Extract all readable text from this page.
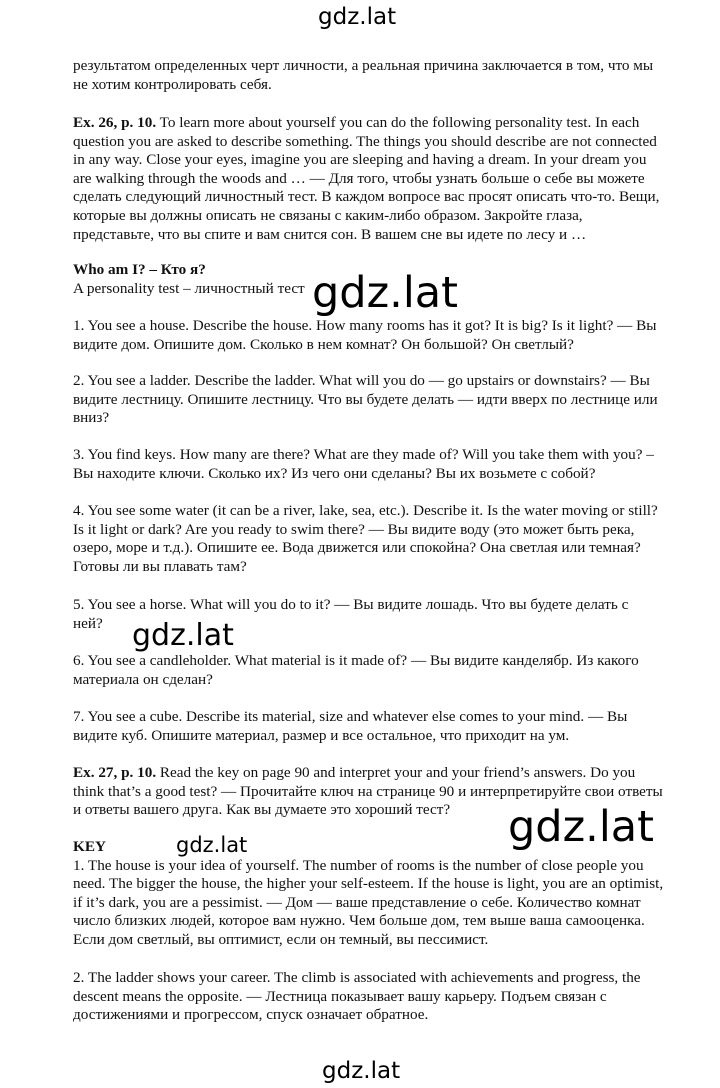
gdz.lat
gdz.lat
gdz.lat
gdz.lat
gdz.lat
gdz.lat
результатом определенных черт личности, а реальная причина заключается в том, что мы
не хотим контролировать себя.
Ex. 26, p. 10. To learn more about yourself you can do the following personality test. In each
question you are asked to describe something. The things you should describe are not connected
in any way. Close your eyes, imagine you are sleeping and having a dream. In your dream you
are walking through the woods and … — Для того, чтобы узнать больше о себе вы можете
сделать следующий личностный тест. В каждом вопросе вас просят описать что-то. Вещи,
которые вы должны описать не связаны с каким-либо образом. Закройте глаза,
представьте, что вы спите и вам снится сон. В вашем сне вы идете по лесу и …
Who am I? – Кто я?
A personality test – личностный тест
1. You see a house. Describe the house. How many rooms has it got? It is big? Is it light? — Вы
видите дом. Опишите дом. Сколько в нем комнат? Он большой? Он светлый?
2. You see a ladder. Describe the ladder. What will you do — go upstairs or downstairs? — Вы
видите лестницу. Опишите лестницу. Что вы будете делать — идти вверх по лестнице или
вниз?
3. You find keys. How many are there? What are they made of? Will you take them with you? –
Вы находите ключи. Сколько их? Из чего они сделаны? Вы их возьмете с собой?
4. You see some water (it can be a river, lake, sea, etc.). Describe it. Is the water moving or still?
Is it light or dark? Are you ready to swim there? — Вы видите воду (это может быть река,
озеро, море и т.д.). Опишите ее. Вода движется или спокойна? Она светлая или темная?
Готовы ли вы плавать там?
5. You see a horse. What will you do to it? — Вы видите лошадь. Что вы будете делать с
ней?
6. You see a candleholder. What material is it made of? — Вы видите канделябр. Из какого
материала он сделан?
7. You see a cube. Describe its material, size and whatever else comes to your mind. — Вы
видите куб. Опишите материал, размер и все остальное, что приходит на ум.
Ex. 27, p. 10. Read the key on page 90 and interpret your and your friend’s answers. Do you
think that’s a good test? — Прочитайте ключ на странице 90 и интерпретируйте свои ответы
и ответы вашего друга. Как вы думаете это хороший тест?
KEY
1. The house is your idea of yourself. The number of rooms is the number of close people you
need. The bigger the house, the higher your self-esteem. If the house is light, you are an optimist,
if it’s dark, you are a pessimist. — Дом — ваше представление о себе. Количество комнат
число близких людей, которое вам нужно. Чем больше дом, тем выше ваша самооценка.
Если дом светлый, вы оптимист, если он темный, вы пессимист.
2. The ladder shows your career. The climb is associated with achievements and progress, the
descent means the opposite. — Лестница показывает вашу карьеру. Подъем связан с
достижениями и прогрессом, спуск означает обратное.
